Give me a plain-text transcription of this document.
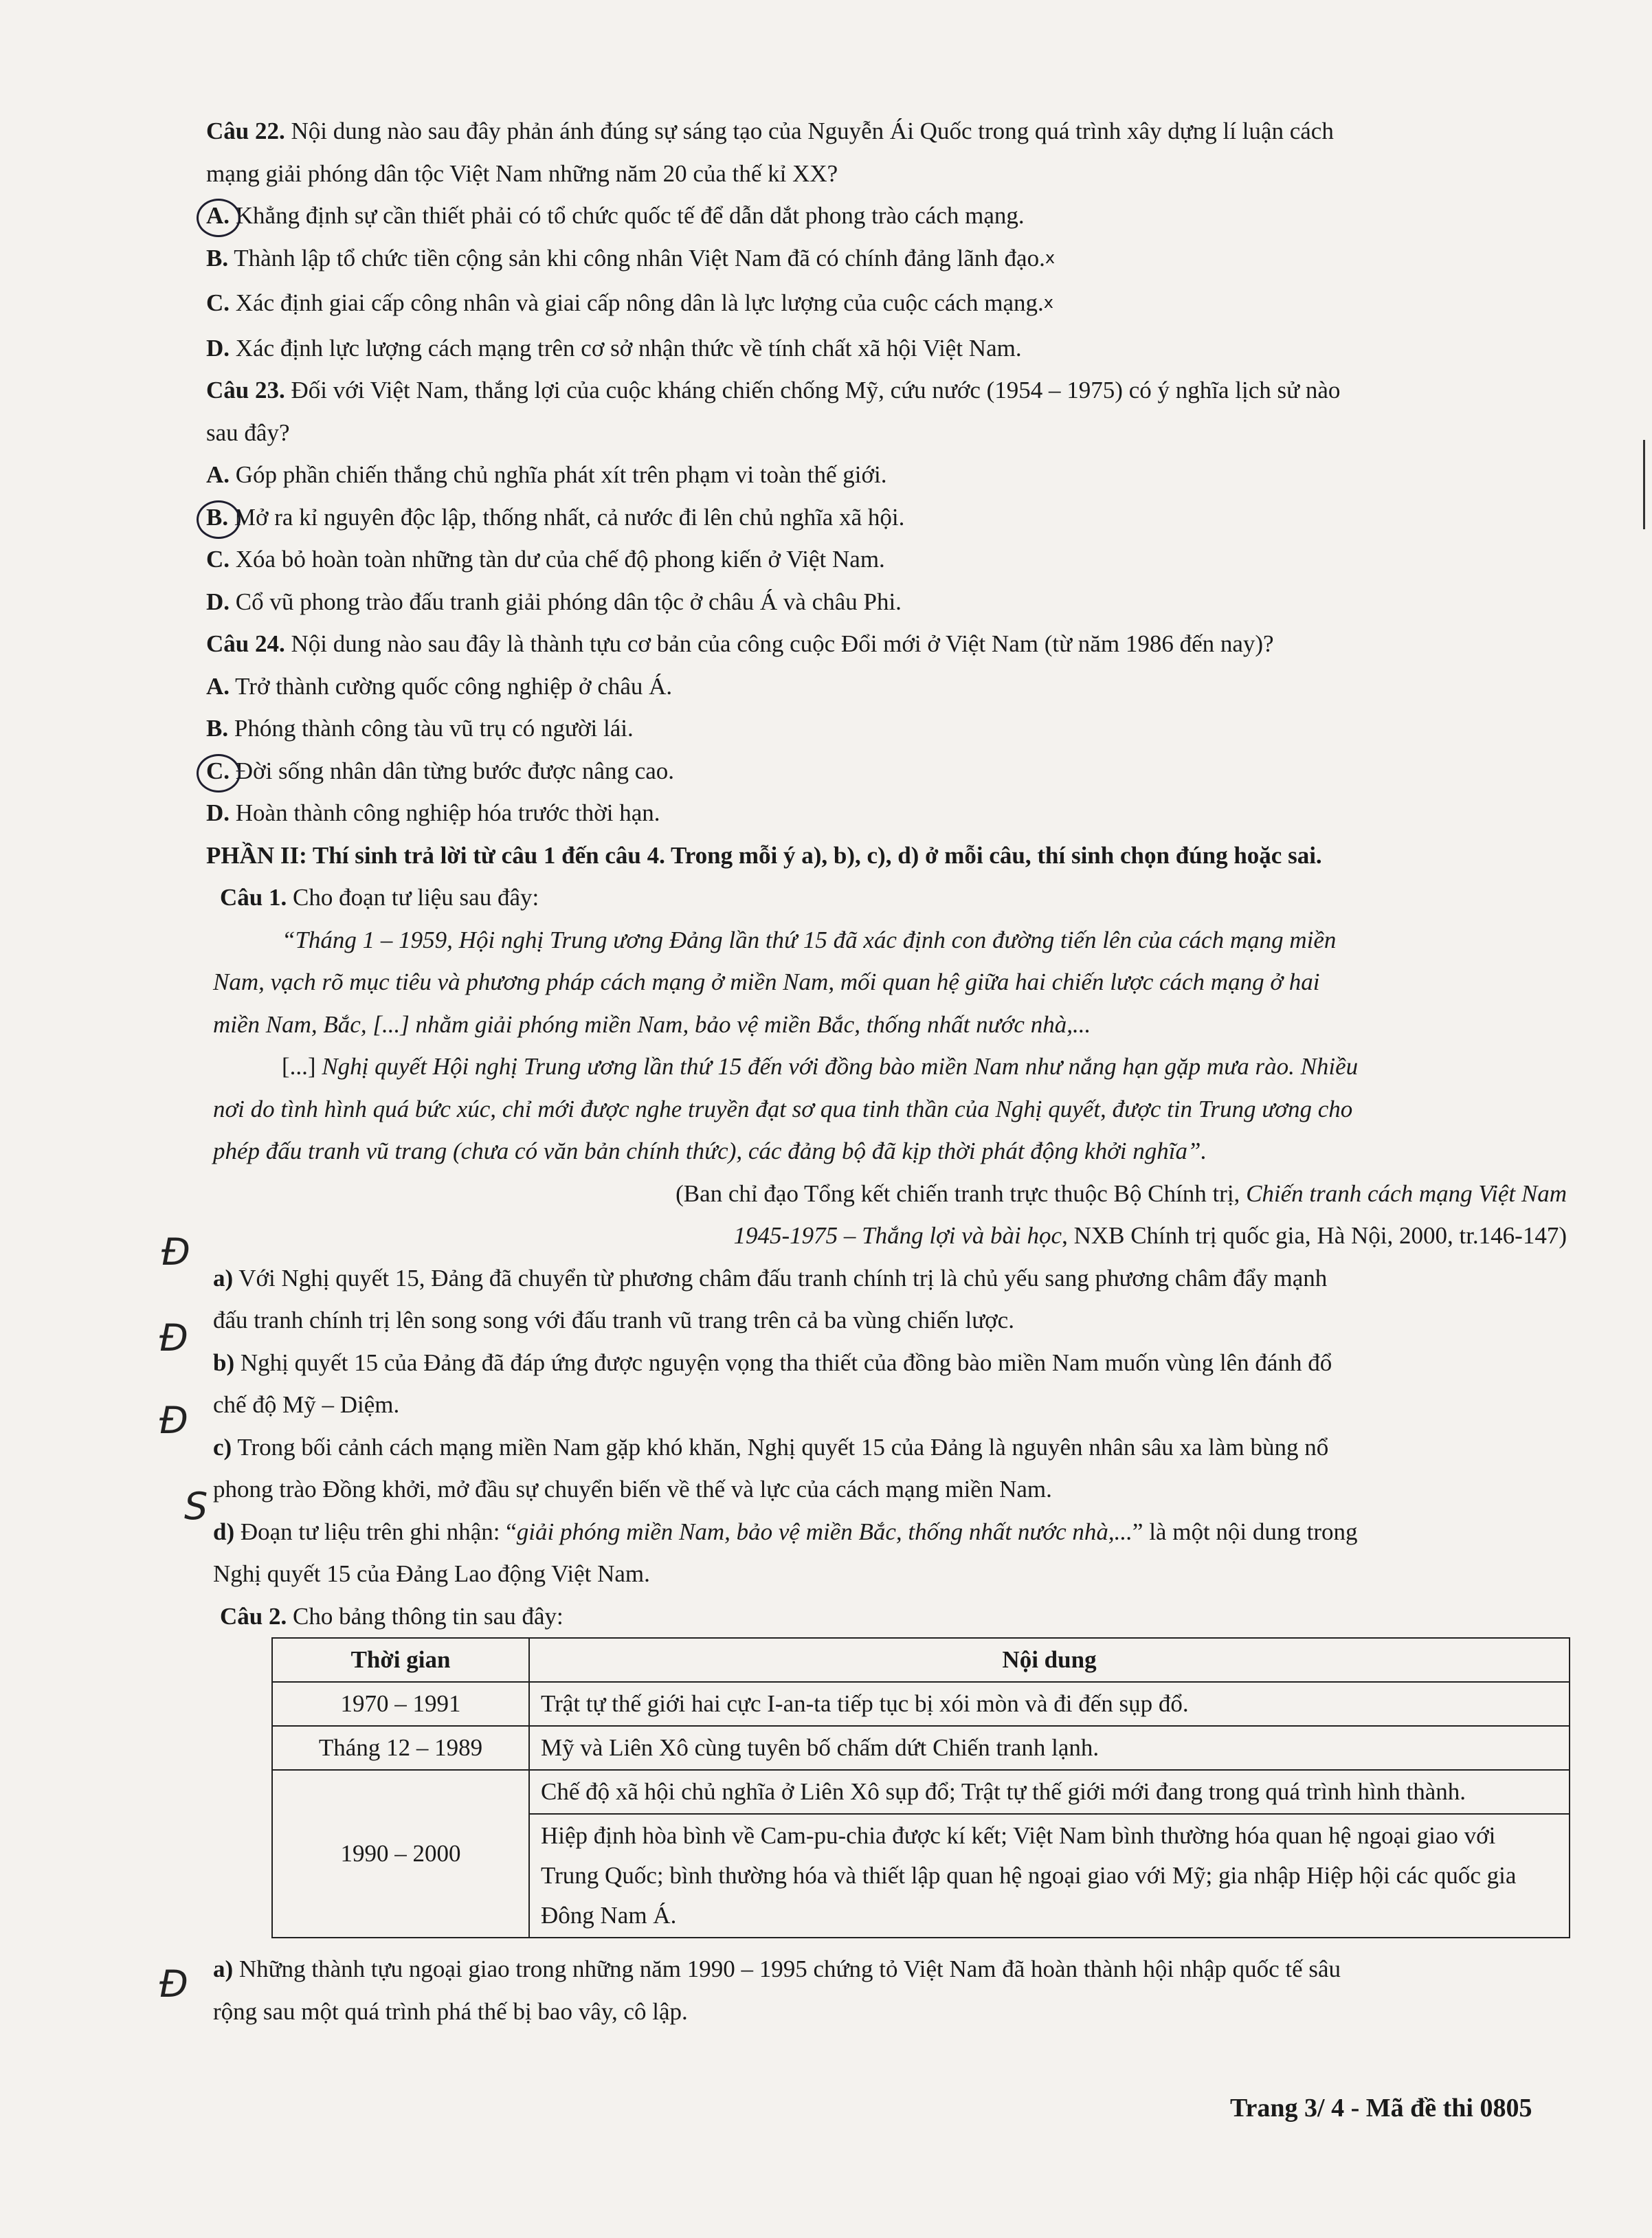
Câu 22. Nội dung nào sau đây phản ánh đúng sự sáng tạo của Nguyễn Ái Quốc trong quá trình xây dựng lí luận cách
mạng giải phóng dân tộc Việt Nam những năm 20 của thế kỉ XX?
A. Khẳng định sự cần thiết phải có tổ chức quốc tế để dẫn dắt phong trào cách mạng.
B. Thành lập tổ chức tiền cộng sản khi công nhân Việt Nam đã có chính đảng lãnh đạo.x
C. Xác định giai cấp công nhân và giai cấp nông dân là lực lượng của cuộc cách mạng.x
D. Xác định lực lượng cách mạng trên cơ sở nhận thức về tính chất xã hội Việt Nam.
Câu 23. Đối với Việt Nam, thắng lợi của cuộc kháng chiến chống Mỹ, cứu nước (1954 – 1975) có ý nghĩa lịch sử nào
sau đây?
A. Góp phần chiến thắng chủ nghĩa phát xít trên phạm vi toàn thế giới.
B. Mở ra kỉ nguyên độc lập, thống nhất, cả nước đi lên chủ nghĩa xã hội.
C. Xóa bỏ hoàn toàn những tàn dư của chế độ phong kiến ở Việt Nam.
D. Cổ vũ phong trào đấu tranh giải phóng dân tộc ở châu Á và châu Phi.
Câu 24. Nội dung nào sau đây là thành tựu cơ bản của công cuộc Đổi mới ở Việt Nam (từ năm 1986 đến nay)?
A. Trở thành cường quốc công nghiệp ở châu Á.
B. Phóng thành công tàu vũ trụ có người lái.
C. Đời sống nhân dân từng bước được nâng cao.
D. Hoàn thành công nghiệp hóa trước thời hạn.
PHẦN II: Thí sinh trả lời từ câu 1 đến câu 4. Trong mỗi ý a), b), c), d) ở mỗi câu, thí sinh chọn đúng hoặc sai.
Câu 1. Cho đoạn tư liệu sau đây:
“Tháng 1 – 1959, Hội nghị Trung ương Đảng lần thứ 15 đã xác định con đường tiến lên của cách mạng miền
Nam, vạch rõ mục tiêu và phương pháp cách mạng ở miền Nam, mối quan hệ giữa hai chiến lược cách mạng ở hai
miền Nam, Bắc, [...] nhằm giải phóng miền Nam, bảo vệ miền Bắc, thống nhất nước nhà,...
[...] Nghị quyết Hội nghị Trung ương lần thứ 15 đến với đồng bào miền Nam như nắng hạn gặp mưa rào. Nhiều
nơi do tình hình quá bức xúc, chỉ mới được nghe truyền đạt sơ qua tinh thần của Nghị quyết, được tin Trung ương cho
phép đấu tranh vũ trang (chưa có văn bản chính thức), các đảng bộ đã kịp thời phát động khởi nghĩa”.
(Ban chỉ đạo Tổng kết chiến tranh trực thuộc Bộ Chính trị, Chiến tranh cách mạng Việt Nam
1945-1975 – Thắng lợi và bài học, NXB Chính trị quốc gia, Hà Nội, 2000, tr.146-147)
a) Với Nghị quyết 15, Đảng đã chuyển từ phương châm đấu tranh chính trị là chủ yếu sang phương châm đẩy mạnh
đấu tranh chính trị lên song song với đấu tranh vũ trang trên cả ba vùng chiến lược.
b) Nghị quyết 15 của Đảng đã đáp ứng được nguyện vọng tha thiết của đồng bào miền Nam muốn vùng lên đánh đổ
chế độ Mỹ – Diệm.
c) Trong bối cảnh cách mạng miền Nam gặp khó khăn, Nghị quyết 15 của Đảng là nguyên nhân sâu xa làm bùng nổ
phong trào Đồng khởi, mở đầu sự chuyển biến về thế và lực của cách mạng miền Nam.
d) Đoạn tư liệu trên ghi nhận: “giải phóng miền Nam, bảo vệ miền Bắc, thống nhất nước nhà,...” là một nội dung trong
Nghị quyết 15 của Đảng Lao động Việt Nam.
Câu 2. Cho bảng thông tin sau đây:
Thời gian	Nội dung
1970 – 1991	Trật tự thế giới hai cực I-an-ta tiếp tục bị xói mòn và đi đến sụp đổ.
Tháng 12 – 1989	Mỹ và Liên Xô cùng tuyên bố chấm dứt Chiến tranh lạnh.
1990 – 2000	Chế độ xã hội chủ nghĩa ở Liên Xô sụp đổ; Trật tự thế giới mới đang trong quá trình hình thành.
	Hiệp định hòa bình về Cam-pu-chia được kí kết; Việt Nam bình thường hóa quan hệ ngoại giao với Trung Quốc; bình thường hóa và thiết lập quan hệ ngoại giao với Mỹ; gia nhập Hiệp hội các quốc gia Đông Nam Á.
a) Những thành tựu ngoại giao trong những năm 1990 – 1995 chứng tỏ Việt Nam đã hoàn thành hội nhập quốc tế sâu
rộng sau một quá trình phá thế bị bao vây, cô lập.
Đ
Đ
Đ
S
Đ
Trang 3/ 4 - Mã đề thi 0805
